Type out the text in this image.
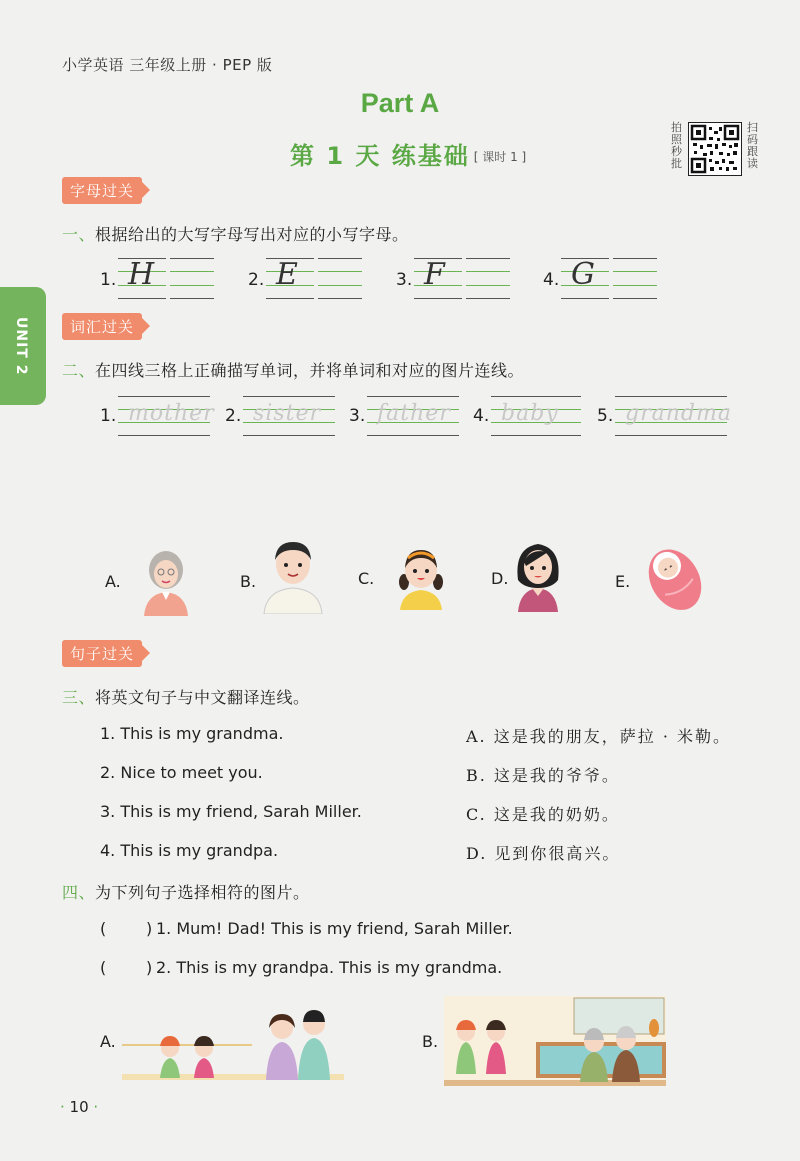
小学英语 三年级上册 · PEP 版
Part A
第 1 天 练基础 [ 课时 1 ]
拍照秒批
扫码跟读
UNIT 2
字母过关
一、根据给出的大写字母写出对应的小写字母。
1. H	2. E	3. F	4. G
词汇过关
二、在四线三格上正确描写单词，并将单词和对应的图片连线。
1. mother 2. sister 3. father 4. baby 5. grandma
A.	B.	C.	D.	E.
句子过关
三、将英文句子与中文翻译连线。
1. This is my grandma.
2. Nice to meet you.
3. This is my friend, Sarah Miller.
4. This is my grandpa.
A. 这是我的朋友，萨拉 · 米勒。
B. 这是我的爷爷。
C. 这是我的奶奶。
D. 见到你很高兴。
四、为下列句子选择相符的图片。
( ) 1. Mum! Dad! This is my friend, Sarah Miller.
( ) 2. This is my grandpa. This is my grandma.
A.	B.
· 10 ·
